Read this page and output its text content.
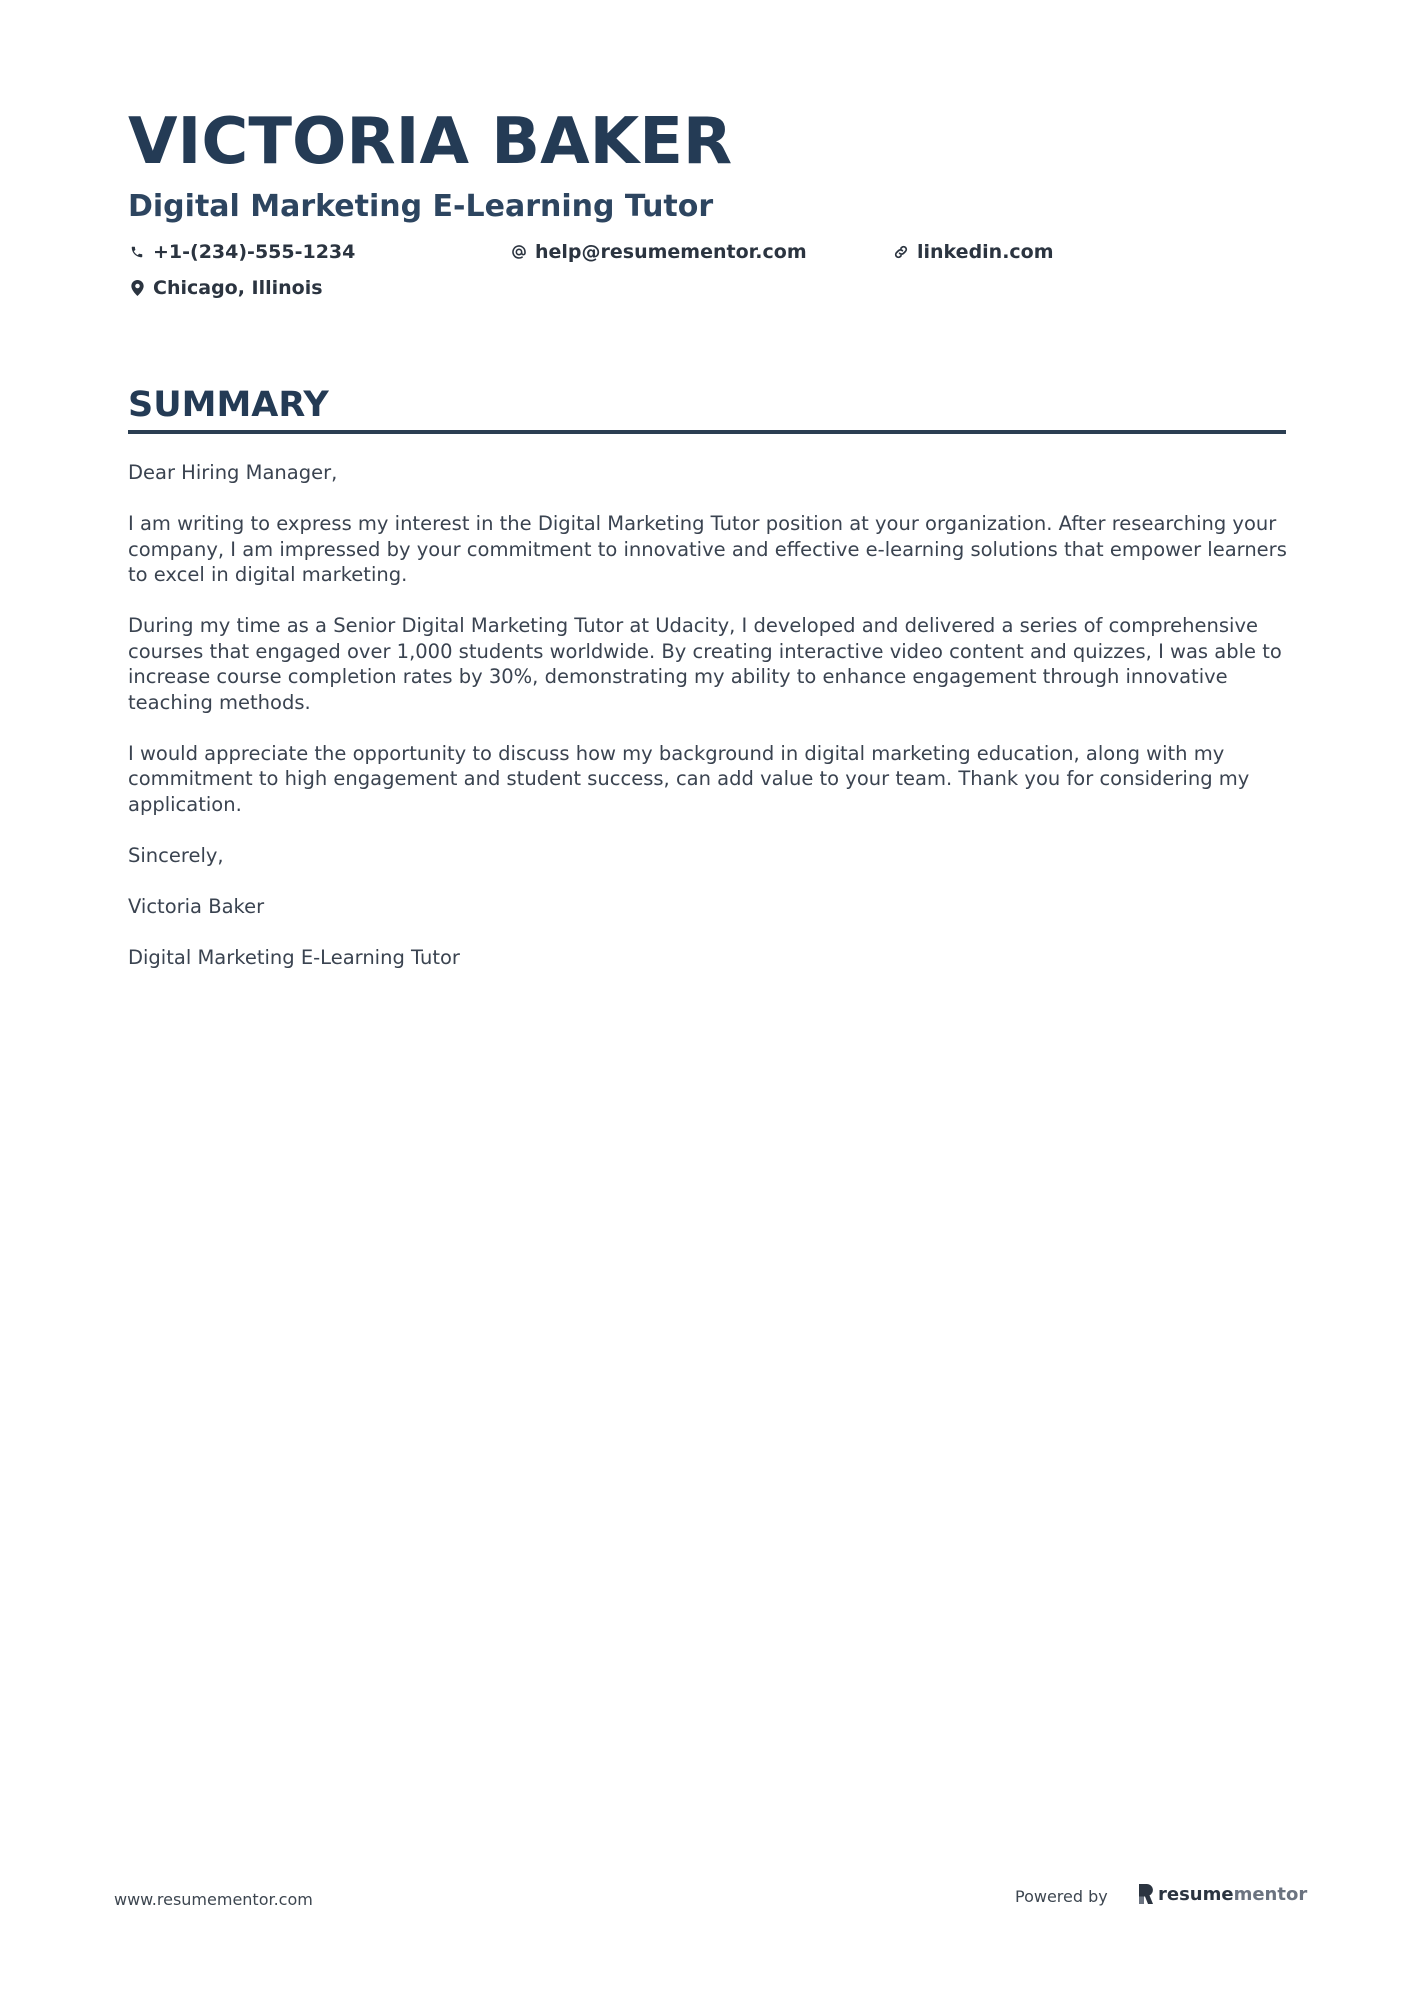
VICTORIA BAKER
Digital Marketing E-Learning Tutor
+1-(234)-555-1234	help@resumementor.com	linkedin.com
Chicago, Illinois
SUMMARY

Dear Hiring Manager,

I am writing to express my interest in the Digital Marketing Tutor position at your organization. After researching your company, I am impressed by your commitment to innovative and effective e-learning solutions that empower learners to excel in digital marketing.

During my time as a Senior Digital Marketing Tutor at Udacity, I developed and delivered a series of comprehensive courses that engaged over 1,000 students worldwide. By creating interactive video content and quizzes, I was able to increase course completion rates by 30%, demonstrating my ability to enhance engagement through innovative teaching methods.

I would appreciate the opportunity to discuss how my background in digital marketing education, along with my commitment to high engagement and student success, can add value to your team. Thank you for considering my application.

Sincerely,

Victoria Baker

Digital Marketing E-Learning Tutor

www.resumementor.com	Powered by	resume mentor
